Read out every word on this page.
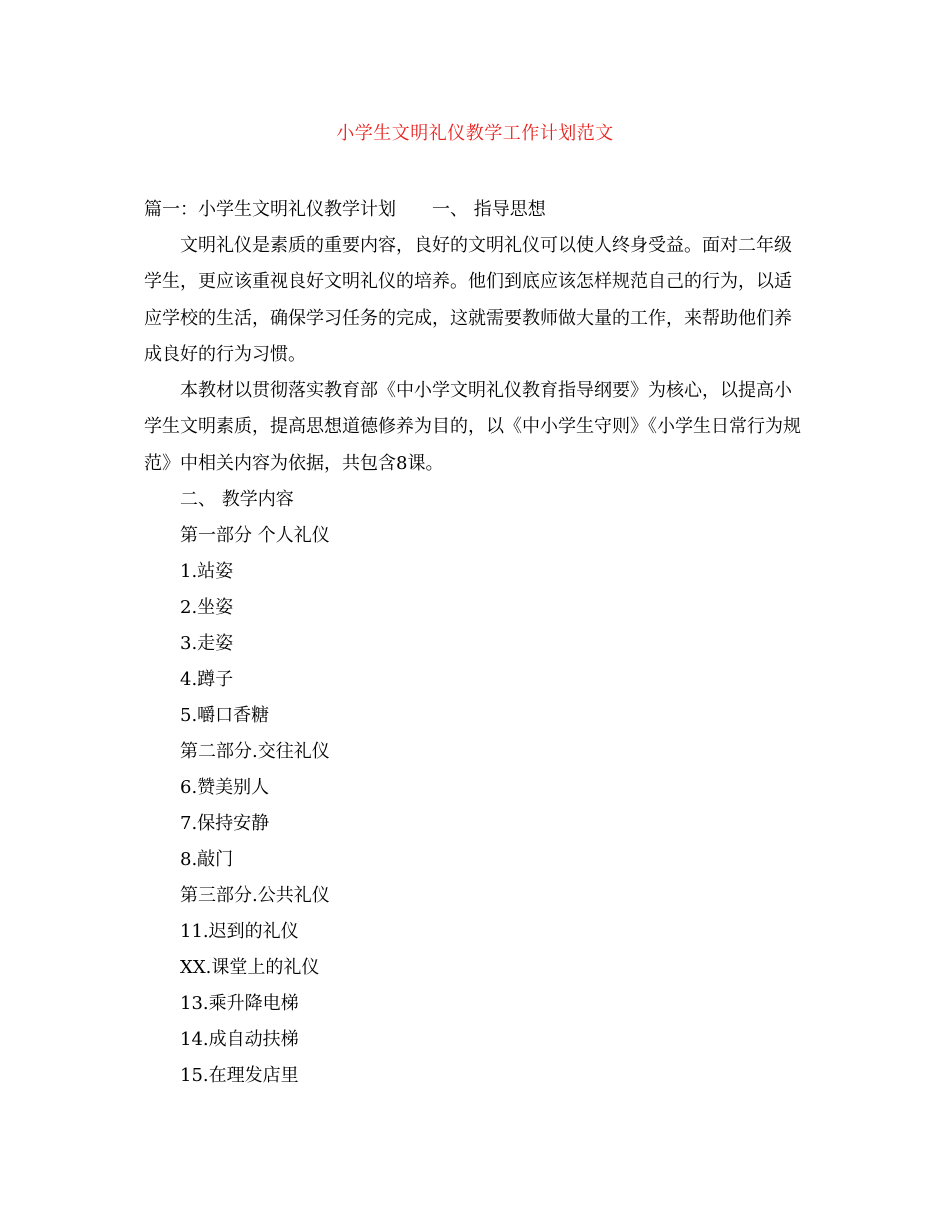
小学生文明礼仪教学工作计划范文
篇一：小学生文明礼仪教学计划 一、 指导思想

文明礼仪是素质的重要内容，良好的文明礼仪可以使人终身受益。面对二年级学生，更应该重视良好文明礼仪的培养。他们到底应该怎样规范自己的行为，以适应学校的生活，确保学习任务的完成，这就需要教师做大量的工作，来帮助他们养成良好的行为习惯。

本教材以贯彻落实教育部《中小学文明礼仪教育指导纲要》为核心，以提高小学生文明素质，提高思想道德修养为目的，以《中小学生守则》《小学生日常行为规范》中相关内容为依据，共包含8课。

二、 教学内容
第一部分 个人礼仪
1.站姿
2.坐姿
3.走姿
4.蹲子
5.嚼口香糖
第二部分.交往礼仪
6.赞美别人
7.保持安静
8.敲门
第三部分.公共礼仪
11.迟到的礼仪
XX.课堂上的礼仪
13.乘升降电梯
14.成自动扶梯
15.在理发店里
